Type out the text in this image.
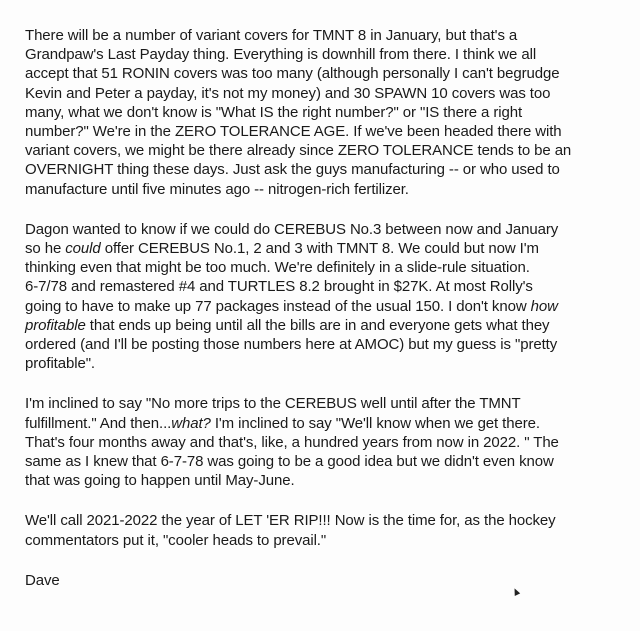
There will be a number of variant covers for TMNT 8 in January, but that's a
Grandpaw's Last Payday thing. Everything is downhill from there. I think we all
accept that 51 RONIN covers was too many (although personally I can't begrudge
Kevin and Peter a payday, it's not my money) and 30 SPAWN 10 covers was too
many, what we don't know is "What IS the right number?" or "IS there a right
number?" We're in the ZERO TOLERANCE AGE. If we've been headed there with
variant covers, we might be there already since ZERO TOLERANCE tends to be an
OVERNIGHT thing these days. Just ask the guys manufacturing -- or who used to
manufacture until five minutes ago -- nitrogen-rich fertilizer.

Dagon wanted to know if we could do CEREBUS No.3 between now and January
so he could offer CEREBUS No.1, 2 and 3 with TMNT 8. We could but now I'm
thinking even that might be too much. We're definitely in a slide-rule situation.
6-7/78 and remastered #4 and TURTLES 8.2 brought in $27K. At most Rolly's
going to have to make up 77 packages instead of the usual 150. I don't know how
profitable that ends up being until all the bills are in and everyone gets what they
ordered (and I'll be posting those numbers here at AMOC) but my guess is "pretty
profitable".

I'm inclined to say "No more trips to the CEREBUS well until after the TMNT
fulfillment." And then...what? I'm inclined to say "We'll know when we get there.
That's four months away and that's, like, a hundred years from now in 2022. " The
same as I knew that 6-7-78 was going to be a good idea but we didn't even know
that was going to happen until May-June.

We'll call 2021-2022 the year of LET 'ER RIP!!! Now is the time for, as the hockey
commentators put it, "cooler heads to prevail."

Dave
